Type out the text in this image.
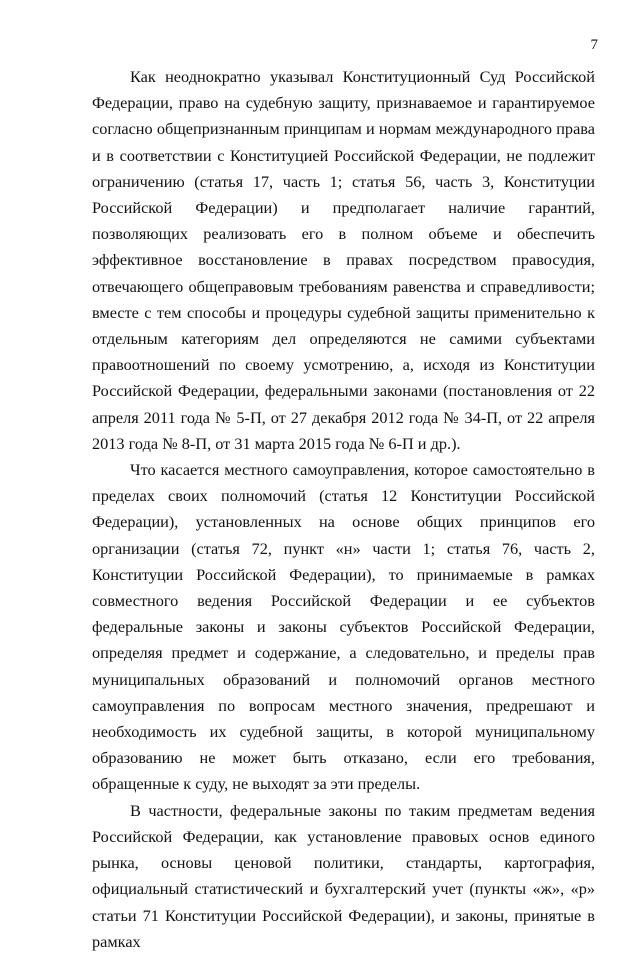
7

Как неоднократно указывал Конституционный Суд Российской Федерации, право на судебную защиту, признаваемое и гарантируемое согласно общепризнанным принципам и нормам международного права и в соответствии с Конституцией Российской Федерации, не подлежит ограничению (статья 17, часть 1; статья 56, часть 3, Конституции Российской Федерации) и предполагает наличие гарантий, позволяющих реализовать его в полном объеме и обеспечить эффективное восстановление в правах посредством правосудия, отвечающего общеправовым требованиям равенства и справедливости; вместе с тем способы и процедуры судебной защиты применительно к отдельным категориям дел определяются не самими субъектами правоотношений по своему усмотрению, а, исходя из Конституции Российской Федерации, федеральными законами (постановления от 22 апреля 2011 года № 5-П, от 27 декабря 2012 года № 34-П, от 22 апреля 2013 года № 8-П, от 31 марта 2015 года № 6-П и др.).

Что касается местного самоуправления, которое самостоятельно в пределах своих полномочий (статья 12 Конституции Российской Федерации), установленных на основе общих принципов его организации (статья 72, пункт «н» части 1; статья 76, часть 2, Конституции Российской Федерации), то принимаемые в рамках совместного ведения Российской Федерации и ее субъектов федеральные законы и законы субъектов Российской Федерации, определяя предмет и содержание, а следовательно, и пределы прав муниципальных образований и полномочий органов местного самоуправления по вопросам местного значения, предрешают и необходимость их судебной защиты, в которой муниципальному образованию не может быть отказано, если его требования, обращенные к суду, не выходят за эти пределы.

В частности, федеральные законы по таким предметам ведения Российской Федерации, как установление правовых основ единого рынка, основы ценовой политики, стандарты, картография, официальный статистический и бухгалтерский учет (пункты «ж», «р» статьи 71 Конституции Российской Федерации), и законы, принятые в рамках
